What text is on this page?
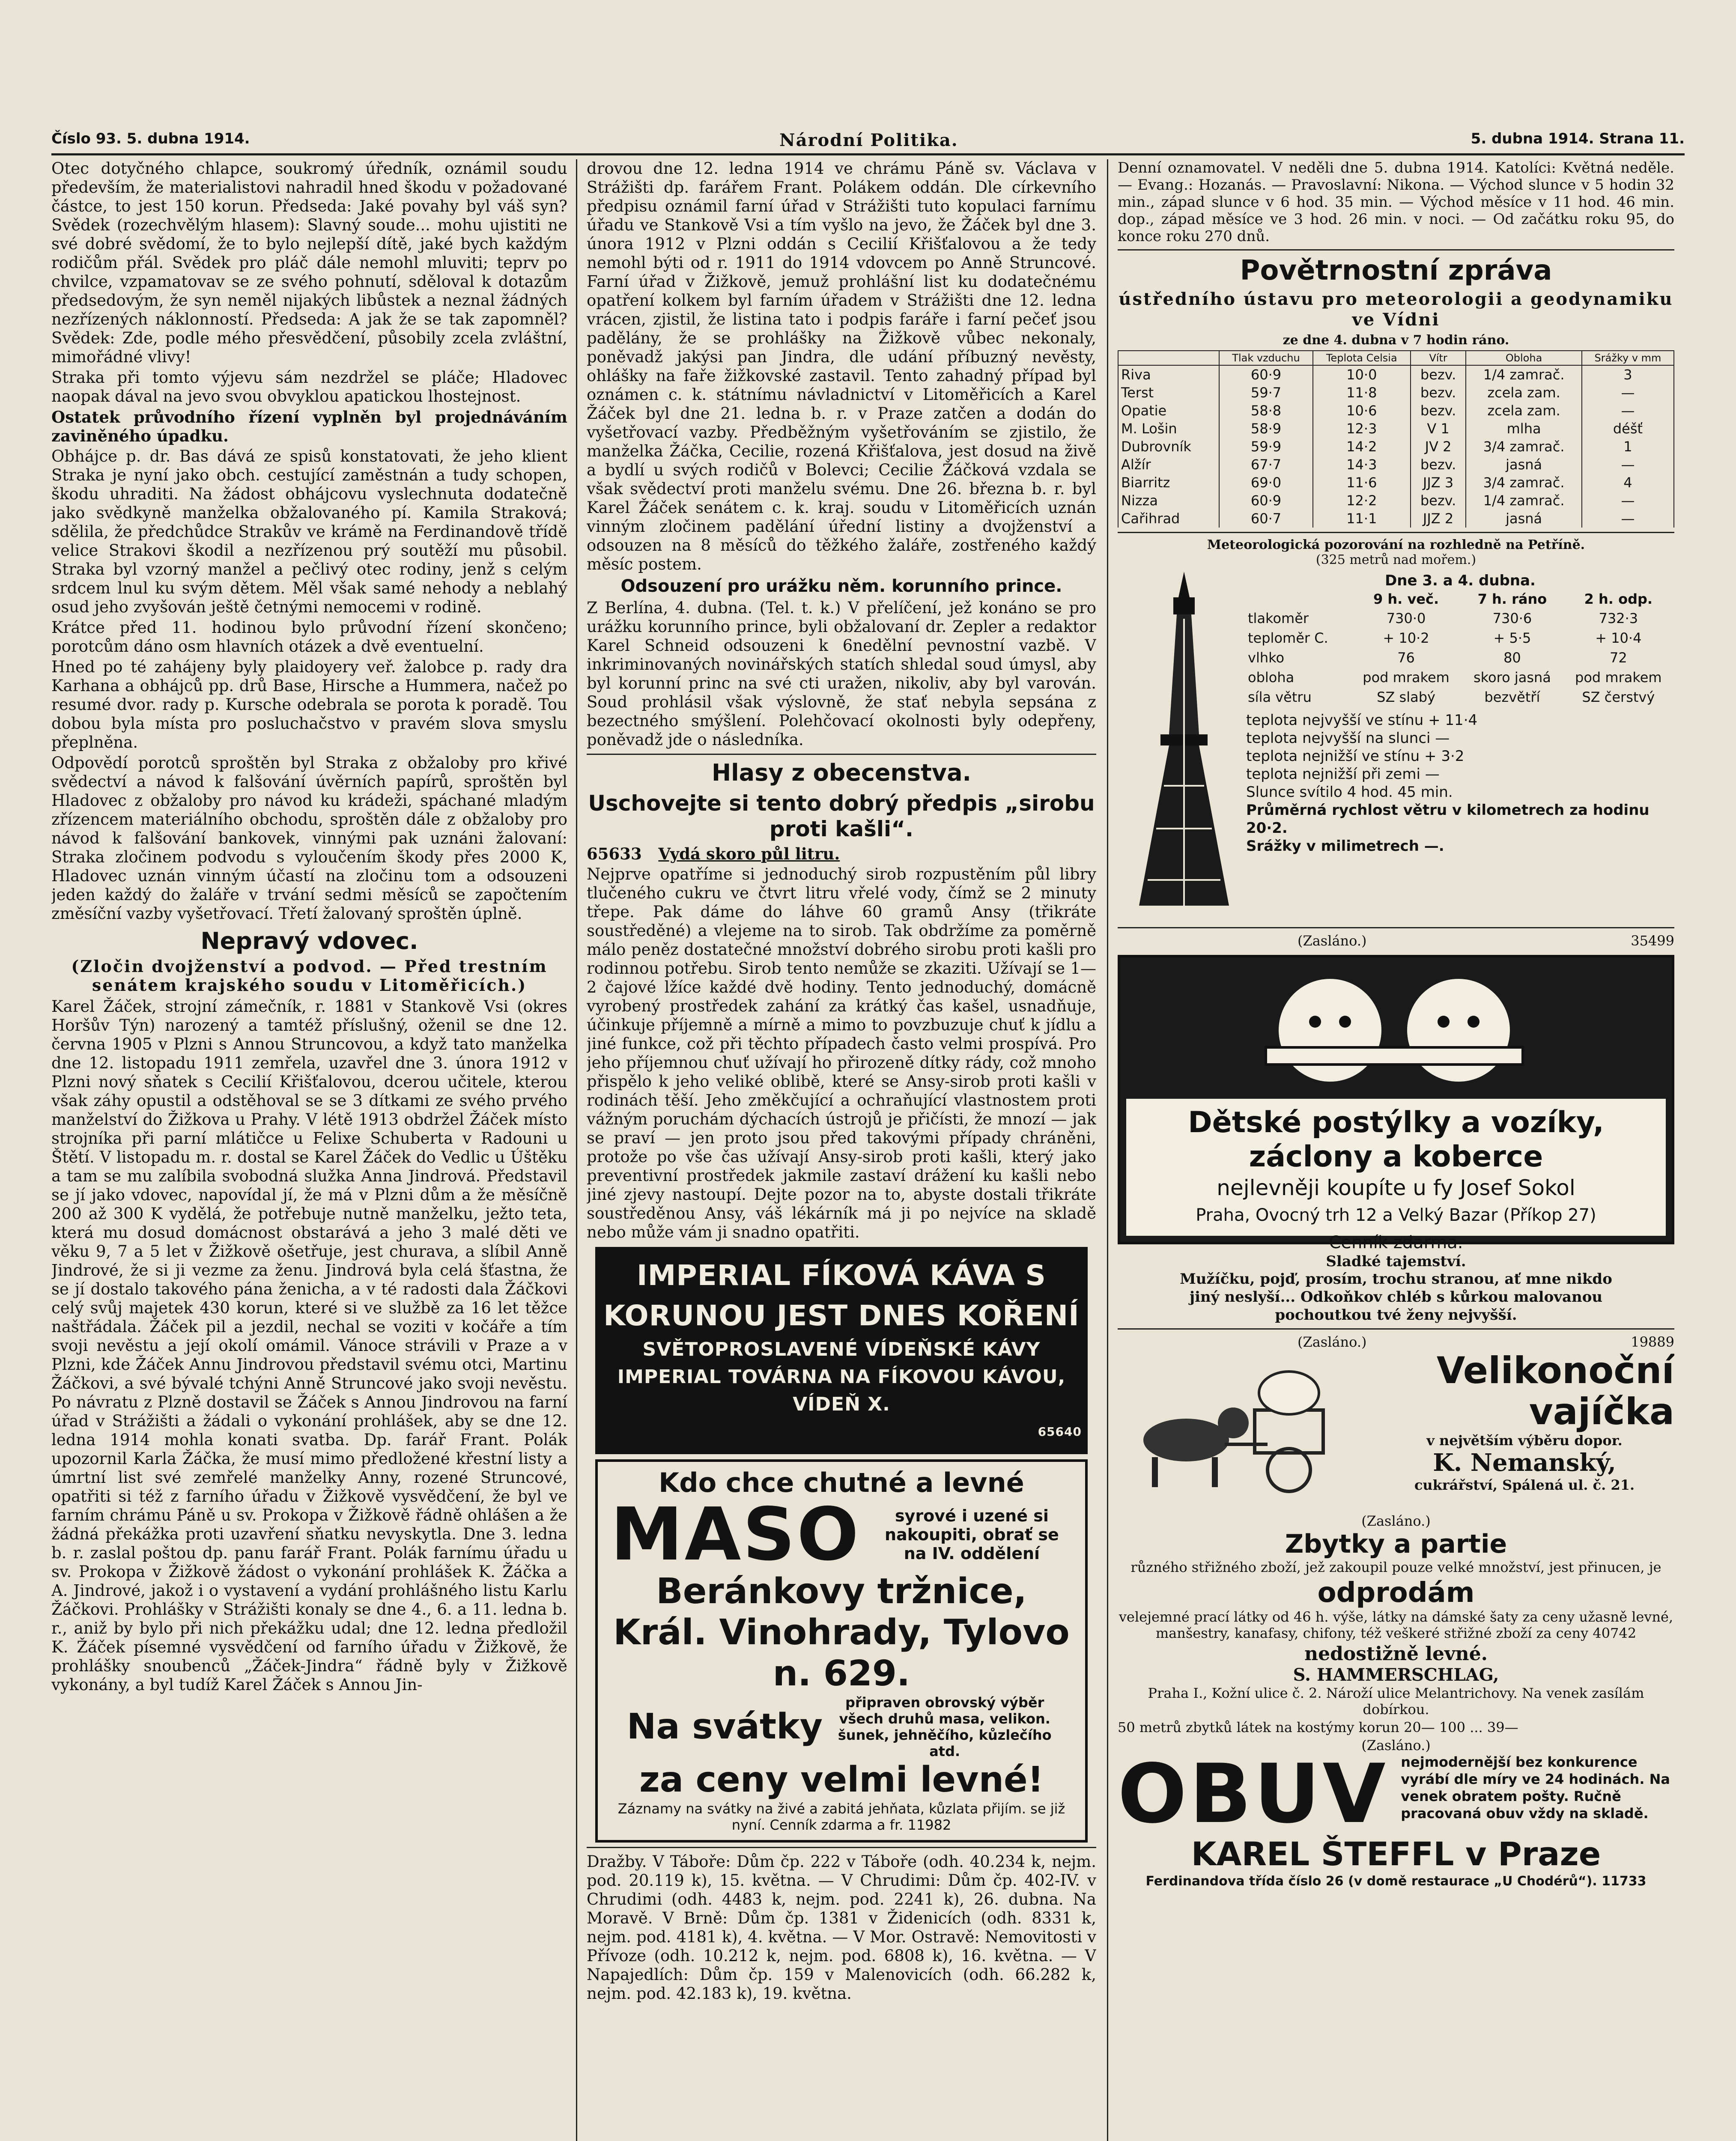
Číslo 93. 5. dubna 1914.	Národní Politika.	5. dubna 1914. Strana 11.

Otec dotyčného chlapce, soukromý úředník, oznámil soudu především, že materialistovi nahradil hned škodu v požadované částce, to jest 150 korun. Předseda: Jaké povahy byl váš syn? Svědek (rozechvělým hlasem): Slavný soude... mohu ujistiti ne své dobré svědomí, že to bylo nejlepší dítě, jaké bych každým rodičům přál. Svědek pro pláč dále nemohl mluviti; teprv po chvilce, vzpamatovav se ze svého pohnutí, sděloval k dotazům předsedovým, že syn neměl nijakých libůstek a neznal žádných nezřízených náklonností. Předseda: A jak že se tak zapomněl? Svědek: Zde, podle mého přesvědčení, působily zcela zvláštní, mimořádné vlivy!

Straka při tomto výjevu sám nezdržel se pláče; Hladovec naopak dával na jevo svou obvyklou apatickou lhostejnost.

Ostatek průvodního řízení vyplněn byl projednáváním zaviněného úpadku.

Obhájce p. dr. Bas dává ze spisů konstatovati, že jeho klient Straka je nyní jako obch. cestující zaměstnán a tudy schopen, škodu uhraditi. Na žádost obhájcovu vyslechnuta dodatečně jako svědkyně manželka obžalovaného pí. Kamila Straková; sdělila, že předchůdce Strakův ve krámě na Ferdinandově třídě velice Strakovi škodil a nezřízenou prý soutěží mu působil. Straka byl vzorný manžel a pečlivý otec rodiny, jenž s celým srdcem lnul ku svým dětem. Měl však samé nehody a neblahý osud jeho zvyšován ještě četnými nemocemi v rodině.

Krátce před 11. hodinou bylo průvodní řízení skončeno; porotcům dáno osm hlavních otázek a dvě eventuelní.

Hned po té zahájeny byly plaidoyery veř. žalobce p. rady dra Karhana a obhájců pp. drů Base, Hirsche a Hummera, načež po resumé dvor. rady p. Kursche odebrala se porota k poradě. Tou dobou byla místa pro posluchačstvo v pravém slova smyslu přeplněna.

Odpovědí porotců sproštěn byl Straka z obžaloby pro křivé svědectví a návod k falšování úvěrních papírů, sproštěn byl Hladovec z obžaloby pro návod ku krádeži, spáchané mladým zřízencem materiálního obchodu, sproštěn dále z obžaloby pro návod k falšování bankovek, vinnými pak uznáni žalovaní: Straka zločinem podvodu s vyloučením škody přes 2000 K, Hladovec uznán vinným účastí na zločinu tom a odsouzeni jeden každý do žaláře v trvání sedmi měsíců se započtením změsíční vazby vyšetřovací. Třetí žalovaný sproštěn úplně.

Nepravý vdovec.
(Zločin dvojženství a podvod. — Před trestním senátem krajského soudu v Litoměřicích.)

Karel Žáček, strojní zámečník, r. 1881 v Stankově Vsi (okres Horšův Týn) narozený a tamtéž příslušný, oženil se dne 12. června 1905 v Plzni s Annou Struncovou, a když tato manželka dne 12. listopadu 1911 zemřela, uzavřel dne 3. února 1912 v Plzni nový sňatek s Cecilií Křišťalovou, dcerou učitele, kterou však záhy opustil a odstěhoval se se 3 dítkami ze svého prvého manželství do Žižkova u Prahy. V létě 1913 obdržel Žáček místo strojníka při parní mlátičce u Felixe Schuberta v Radouni u Štětí. V listopadu m. r. dostal se Karel Žáček do Vedlic u Úštěku a tam se mu zalíbila svobodná služka Anna Jindrová. Představil se jí jako vdovec, napovídal jí, že má v Plzni dům a že měsíčně 200 až 300 K vydělá, že potřebuje nutně manželku, ježto teta, která mu dosud domácnost obstarává a jeho 3 malé děti ve věku 9, 7 a 5 let v Žižkově ošetřuje, jest churava, a slíbil Anně Jindrové, že si ji vezme za ženu. Jindrová byla celá šťastna, že se jí dostalo takového pána ženicha, a v té radosti dala Žáčkovi celý svůj majetek 430 korun, které si ve službě za 16 let těžce naštřádala. Žáček pil a jezdil, nechal se voziti v kočáře a tím svoji nevěstu a její okolí omámil. Vánoce strávili v Praze a v Plzni, kde Žáček Annu Jindrovou představil svému otci, Martinu Žáčkovi, a své bývalé tchýni Anně Struncové jako svoji nevěstu. Po návratu z Plzně dostavil se Žáček s Annou Jindrovou na farní úřad v Strážišti a žádali o vykonání prohlášek, aby se dne 12. ledna 1914 mohla konati svatba. Dp. farář Frant. Polák upozornil Karla Žáčka, že musí mimo předložené křestní listy a úmrtní list své zemřelé manželky Anny, rozené Struncové, opatřiti si též z farního úřadu v Žižkově vysvědčení, že byl ve farním chrámu Páně u sv. Prokopa v Žižkově řádně ohlášen a že žádná překážka proti uzavření sňatku nevyskytla. Dne 3. ledna b. r. zaslal poštou dp. panu farář Frant. Polák farnímu úřadu u sv. Prokopa v Žižkově žádost o vykonání prohlášek K. Žáčka a A. Jindrové, jakož i o vystavení a vydání prohlášného listu Karlu Žáčkovi. Prohlášky v Strážišti konaly se dne 4., 6. a 11. ledna b. r., aniž by bylo při nich překážku udal; dne 12. ledna předložil K. Žáček písemné vysvědčení od farního úřadu v Žižkově, že prohlášky snoubenců „Žáček-Jindra“ řádně byly v Žižkově vykonány, a byl tudíž Karel Žáček s Annou Jin-

drovou dne 12. ledna 1914 ve chrámu Páně sv. Václava v Strážišti dp. farářem Frant. Polákem oddán. Dle církevního předpisu oznámil farní úřad v Strážišti tuto kopulaci farnímu úřadu ve Stankově Vsi a tím vyšlo na jevo, že Žáček byl dne 3. února 1912 v Plzni oddán s Cecilií Křišťalovou a že tedy nemohl býti od r. 1911 do 1914 vdovcem po Anně Struncové. Farní úřad v Žižkově, jemuž prohlášní list ku dodatečnému opatření kolkem byl farním úřadem v Strážišti dne 12. ledna vrácen, zjistil, že listina tato i podpis faráře i farní pečeť jsou padělány, že se prohlášky na Žižkově vůbec nekonaly, poněvadž jakýsi pan Jindra, dle udání příbuzný nevěsty, ohlášky na faře žižkovské zastavil. Tento zahadný případ byl oznámen c. k. státnímu návladnictví v Litoměřicích a Karel Žáček byl dne 21. ledna b. r. v Praze zatčen a dodán do vyšetřovací vazby. Předběžným vyšetřováním se zjistilo, že manželka Žáčka, Cecilie, rozená Křišťalova, jest dosud na živě a bydlí u svých rodičů v Bolevci; Cecilie Žáčková vzdala se však svědectví proti manželu svému. Dne 26. března b. r. byl Karel Žáček senátem c. k. kraj. soudu v Litoměřicích uznán vinným zločinem padělání úřední listiny a dvojženství a odsouzen na 8 měsíců do těžkého žaláře, zostřeného každý měsíc postem.

Odsouzení pro urážku něm. korunního prince.

Z Berlína, 4. dubna. (Tel. t. k.) V přelíčení, jež konáno se pro urážku korunního prince, byli obžalovaní dr. Zepler a redaktor Karel Schneid odsouzeni k 6nedělní pevnostní vazbě. V inkriminovaných novinářských statích shledal soud úmysl, aby byl korunní princ na své cti uražen, nikoliv, aby byl varován. Soud prohlásil však výslovně, že stať nebyla sepsána z bezectného smýšlení. Polehčovací okolnosti byly odepřeny, poněvadž jde o následníka.

Hlasy z obecenstva.
Uschovejte si tento dobrý předpis „sirobu proti kašli“.

65633 Vydá skoro půl litru.

Nejprve opatříme si jednoduchý sirob rozpustěním půl libry tlučeného cukru ve čtvrt litru vřelé vody, čímž se 2 minuty třepe. Pak dáme do láhve 60 gramů Ansy (třikráte soustředěné) a vlejeme na to sirob. Tak obdržíme za poměrně málo peněz dostatečné množství dobrého sirobu proti kašli pro rodinnou potřebu. Sirob tento nemůže se zkaziti. Užívají se 1—2 čajové lžíce každé dvě hodiny. Tento jednoduchý, domácně vyrobený prostředek zahání za krátký čas kašel, usnadňuje, účinkuje příjemně a mírně a mimo to povzbuzuje chuť k jídlu a jiné funkce, což při těchto případech často velmi prospívá. Pro jeho příjemnou chuť užívají ho přirozeně dítky rády, což mnoho přispělo k jeho veliké oblibě, které se Ansy-sirob proti kašli v rodinách těší. Jeho změkčující a ochraňující vlastnostem proti vážným poruchám dýchacích ústrojů je přičísti, že mnozí — jak se praví — jen proto jsou před takovými případy chráněni, protože po vše čas užívají Ansy-sirob proti kašli, který jako preventivní prostředek jakmile zastaví drážení ku kašli nebo jiné zjevy nastoupí. Dejte pozor na to, abyste dostali třikráte soustředěnou Ansy, váš lékárník má ji po nejvíce na skladě nebo může vám ji snadno opatřiti.

IMPERIAL FÍKOVÁ KÁVA S
KORUNOU JEST DNES KOŘENÍ
SVĚTOPROSLAVENÉ VÍDEŇSKÉ KÁVY
IMPERIAL TOVÁRNA NA FÍKOVOU KÁVOU, VÍDEŇ X.
65640
Kdo chce chutné a levné
MASO syrové i uzené si nakoupiti, obrať se na IV. oddělení
Beránkovy tržnice, Král. Vinohrady, Tylovo n. 629.
Na svátky připraven obrovský výběr všech druhů masa, velikon. šunek, jehněčího, kůzlečího atd.
za ceny velmi levné!

Záznamy na svátky na živé a zabitá jehňata, kůzlata přijím. se již nyní. Cenník zdarma a fr. 11982

Dražby. V Táboře: Dům čp. 222 v Táboře (odh. 40.234 k, nejm. pod. 20.119 k), 15. května. — V Chrudimi: Dům čp. 402-IV. v Chrudimi (odh. 4483 k, nejm. pod. 2241 k), 26. dubna. Na Moravě. V Brně: Dům čp. 1381 v Židenicích (odh. 8331 k, nejm. pod. 4181 k), 4. května. — V Mor. Ostravě: Nemovitosti v Přívoze (odh. 10.212 k, nejm. pod. 6808 k), 16. května. — V Napajedlích: Dům čp. 159 v Malenovicích (odh. 66.282 k, nejm. pod. 42.183 k), 19. května.

Denní oznamovatel. V neděli dne 5. dubna 1914. Katolíci: Květná neděle. — Evang.: Hozanás. — Pravoslavní: Nikona. — Východ slunce v 5 hodin 32 min., západ slunce v 6 hod. 35 min. — Východ měsíce v 11 hod. 46 min. dop., západ měsíce ve 3 hod. 26 min. v noci. — Od začátku roku 95, do konce roku 270 dnů.

Povětrnostní zpráva
ústředního ústavu pro meteorologii a geodynamiku ve Vídni
ze dne 4. dubna v 7 hodin ráno.
	Tlak vzduchu	Teplota Celsia	Vítr	Obloha	Srážky v mm
Riva	60·9	10·0	bezv.	1/4 zamrač.	3
Terst	59·7	11·8	bezv.	zcela zam.	—
Opatie	58·8	10·6	bezv.	zcela zam.	—
M. Lošin	58·9	12·3	V 1	mlha	déšť
Dubrovník	59·9	14·2	JV 2	3/4 zamrač.	1
Alžír	67·7	14·3	bezv.	jasná	—
Biarritz	69·0	11·6	JJZ 3	3/4 zamrač.	4
Nizza	60·9	12·2	bezv.	1/4 zamrač.	—
Cařihrad	60·7	11·1	JJZ 2	jasná	—
Meteorologická pozorování na rozhledně na Petříně.
(325 metrů nad mořem.)
Dne 3. a 4. dubna.
	9 h. več.	7 h. ráno	2 h. odp.
tlakoměr	730·0	730·6	732·3
teploměr C.	+ 10·2	+ 5·5	+ 10·4
vlhko	76	80	72
obloha	pod mrakem	skoro jasná	pod mrakem
síla větru	SZ slabý	bezvětří	SZ čerstvý
teplota nejvyšší ve stínu + 11·4
teplota nejvyšší na slunci —
teplota nejnižší ve stínu + 3·2
teplota nejnižší při zemi —
Slunce svítilo 4 hod. 45 min.
Průměrná rychlost větru v kilometrech za hodinu 20·2.
Srážky v milimetrech —.
(Zasláno.)	35499
Dětské postýlky a vozíky,
záclony a koberce
nejlevněji koupíte u fy Josef Sokol
Praha, Ovocný trh 12 a Velký Bazar (Příkop 27)
Cenník zdarma.
Sladké tajemství.

Mužíčku, pojď, prosím, trochu stranou, ať mne nikdo jiný neslyší... Odkoňkov chléb s kůrkou malovanou pochoutkou tvé ženy nejvyšší.

(Zasláno.)	19889
Velikonoční
vajíčka
v největším výběru dopor.
K. Nemanský,
cukrářství, Spálená ul. č. 21.
(Zasláno.)
Zbytky a partie

různého střižného zboží, jež zakoupil pouze velké množství, jest přinucen, je

odprodám

velejemné prací látky od 46 h. výše, látky na dámské šaty za ceny užasně levné, manšestry, kanafasy, chifony, též veškeré střižné zboží za ceny 40742

nedostižně levné.
S. HAMMERSCHLAG,

Praha I., Kožní ulice č. 2. Nároží ulice Melantrichovy. Na venek zasílám dobírkou.

50 metrů zbytků látek na kostýmy korun 20— 100 ... 39—

(Zasláno.)
OBUV nejmodernější bez konkurence vyrábí dle míry ve 24 hodinách. Na venek obratem pošty. Ručně pracovaná obuv vždy na skladě.
KAREL ŠTEFFL v Praze
Ferdinandova třída číslo 26 (v domě restaurace „U Chodérů“). 11733
